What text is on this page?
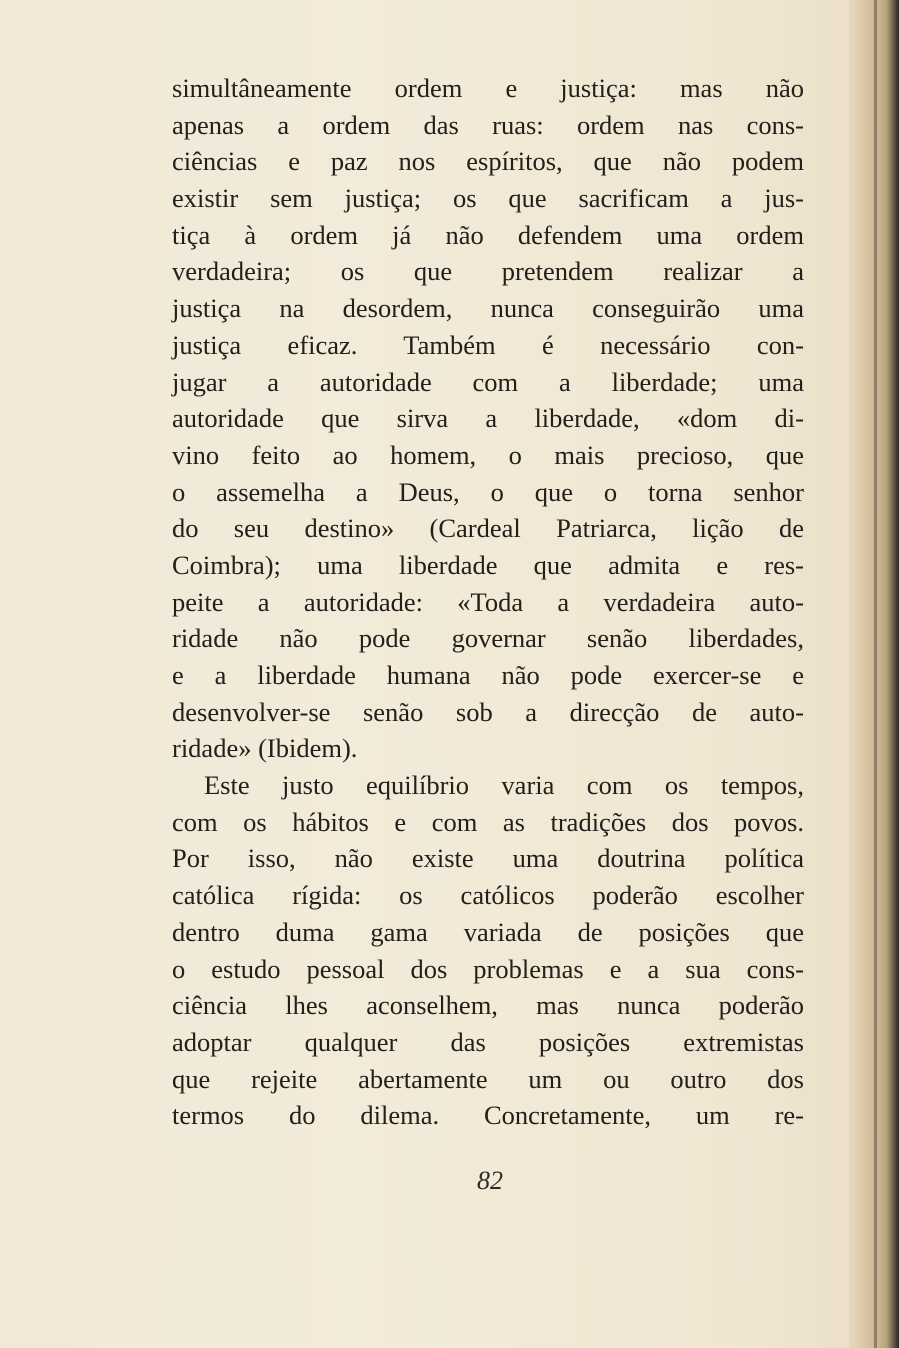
simultâneamente ordem e justiça: mas não
apenas a ordem das ruas: ordem nas cons-
ciências e paz nos espíritos, que não podem
existir sem justiça; os que sacrificam a jus-
tiça à ordem já não defendem uma ordem
verdadeira; os que pretendem realizar a
justiça na desordem, nunca conseguirão uma
justiça eficaz. Também é necessário con-
jugar a autoridade com a liberdade; uma
autoridade que sirva a liberdade, «dom di-
vino feito ao homem, o mais precioso, que
o assemelha a Deus, o que o torna senhor
do seu destino» (Cardeal Patriarca, lição de
Coimbra); uma liberdade que admita e res-
peite a autoridade: «Toda a verdadeira auto-
ridade não pode governar senão liberdades,
e a liberdade humana não pode exercer-se e
desenvolver-se senão sob a direcção de auto-
ridade» (Ibidem).
Este justo equilíbrio varia com os tempos,
com os hábitos e com as tradições dos povos.
Por isso, não existe uma doutrina política
católica rígida: os católicos poderão escolher
dentro duma gama variada de posições que
o estudo pessoal dos problemas e a sua cons-
ciência lhes aconselhem, mas nunca poderão
adoptar qualquer das posições extremistas
que rejeite abertamente um ou outro dos
termos do dilema. Concretamente, um re-
82
